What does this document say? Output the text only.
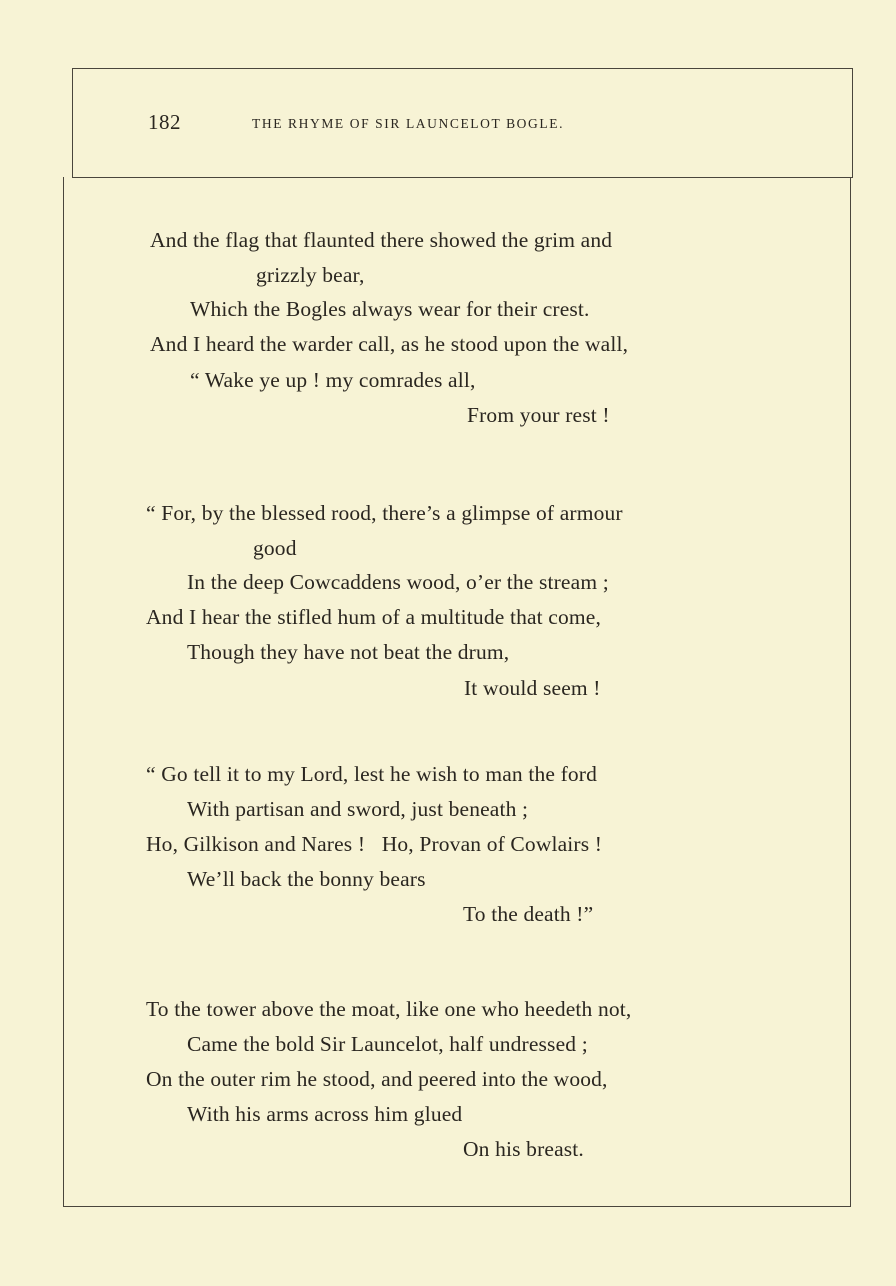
182	THE RHYME OF SIR LAUNCELOT BOGLE.
And the flag that flaunted there showed the grim and
grizzly bear,
Which the Bogles always wear for their crest.
And I heard the warder call, as he stood upon the wall,
“ Wake ye up ! my comrades all,
From your rest !
“ For, by the blessed rood, there’s a glimpse of armour
good
In the deep Cowcaddens wood, o’er the stream ;
And I hear the stifled hum of a multitude that come,
Though they have not beat the drum,
It would seem !
“ Go tell it to my Lord, lest he wish to man the ford
With partisan and sword, just beneath ;
Ho, Gilkison and Nares !   Ho, Provan of Cowlairs !
We’ll back the bonny bears
To the death !”
To the tower above the moat, like one who heedeth not,
Came the bold Sir Launcelot, half undressed ;
On the outer rim he stood, and peered into the wood,
With his arms across him glued
On his breast.
